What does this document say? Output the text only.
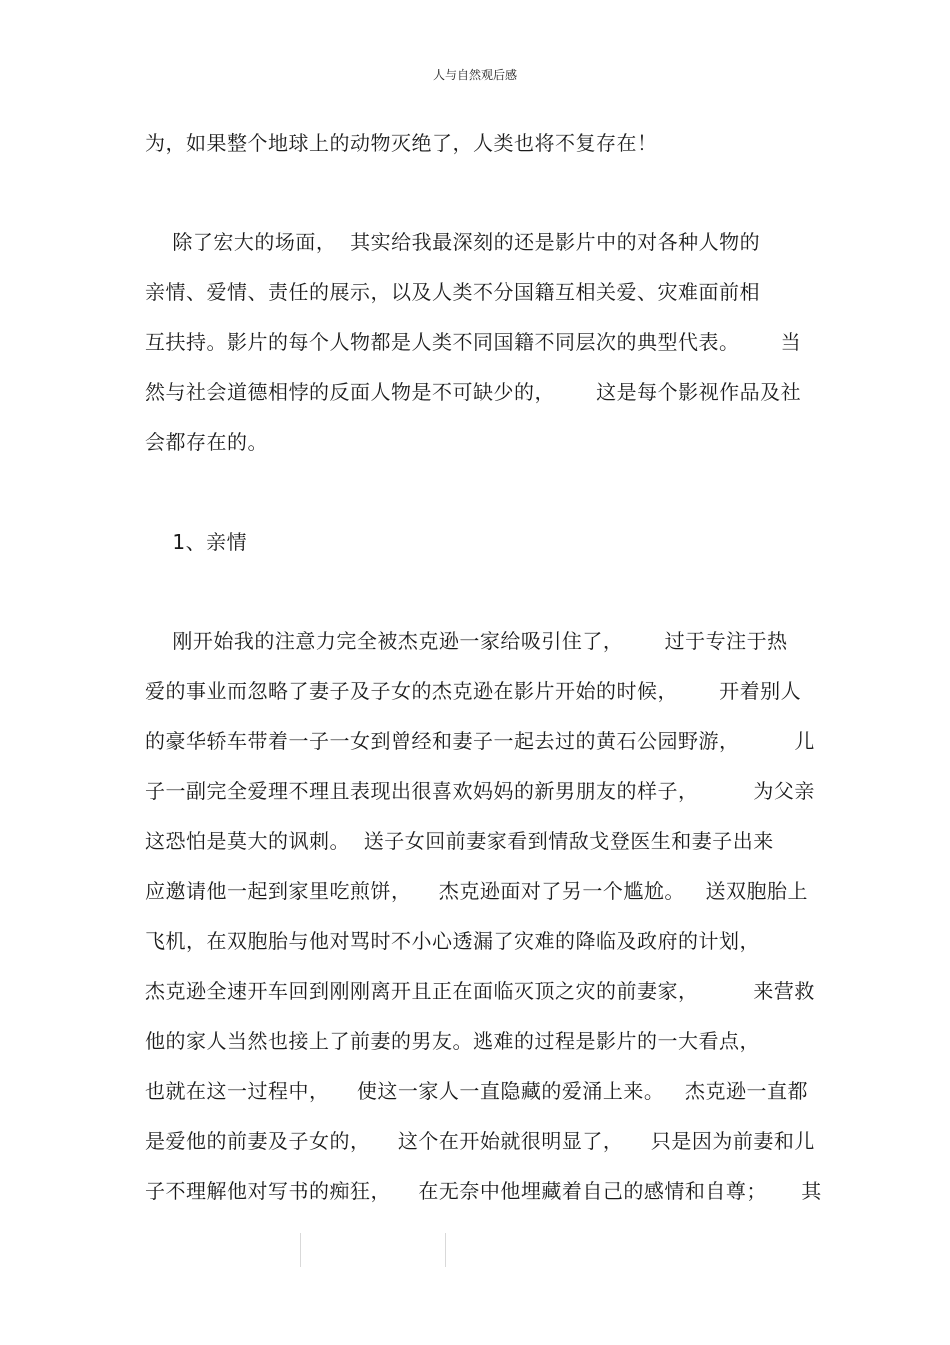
人与自然观后感
为，如果整个地球上的动物灭绝了，人类也将不复存在！
除了宏大的场面，  其实给我最深刻的还是影片中的对各种人物的
亲情、爱情、责任的展示，以及人类不分国籍互相关爱、灾难面前相
互扶持。影片的每个人物都是人类不同国籍不同层次的典型代表。      当
然与社会道德相悖的反面人物是不可缺少的，      这是每个影视作品及社
会都存在的。
1、亲情
刚开始我的注意力完全被杰克逊一家给吸引住了，      过于专注于热
爱的事业而忽略了妻子及子女的杰克逊在影片开始的时候，      开着别人
的豪华轿车带着一子一女到曾经和妻子一起去过的黄石公园野游，        儿
子一副完全爱理不理且表现出很喜欢妈妈的新男朋友的样子，        为父亲
这恐怕是莫大的讽刺。  送子女回前妻家看到情敌戈登医生和妻子出来
应邀请他一起到家里吃煎饼，    杰克逊面对了另一个尴尬。   送双胞胎上
飞机，在双胞胎与他对骂时不小心透漏了灾难的降临及政府的计划，
杰克逊全速开车回到刚刚离开且正在面临灭顶之灾的前妻家，        来营救
他的家人当然也接上了前妻的男友。逃难的过程是影片的一大看点，
也就在这一过程中，    使这一家人一直隐藏的爱涌上来。   杰克逊一直都
是爱他的前妻及子女的，    这个在开始就很明显了，    只是因为前妻和儿
子不理解他对写书的痴狂，    在无奈中他埋藏着自己的感情和自尊；     其
